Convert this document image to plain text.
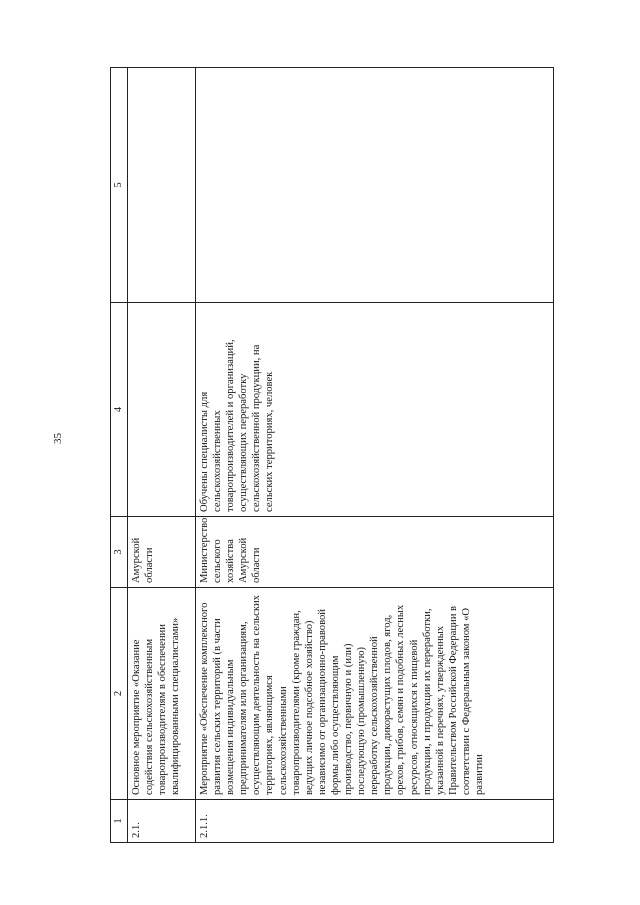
35
1	2	3	4	5
2.1.	Основное мероприятие «Оказание содействия сельскохозяйственным товаропроизводителям в обеспечении квалифицированными специалистами»	Амурской области		
2.1.1.	Мероприятие «Обеспечение комплексного развития сельских территорий (в части возмещения индивидуальным предпринимателям или организациям, осуществляющим деятельность на сельских территориях, являющимся сельскохозяйственными товаропроизводителями (кроме граждан, ведущих личное подсобное хозяйство) независимо от организационно-правовой формы либо осуществляющим производство, первичную и (или) последующую (промышленную) переработку сельскохозяйственной продукции, дикорастущих плодов, ягод, орехов, грибов, семян и подобных лесных ресурсов, относящихся к пищевой продукции, и продукции их переработки, указанной в перечнях, утвержденных Правительством Российской Федерации в соответствии с Федеральным законом «О развитии	Министерство сельского хозяйства Амурской области	Обучены специалисты для сельскохозяйственных товаропроизводителей и организаций, осуществляющих переработку сельскохозяйственной продукции, на сельских территориях, человек	
